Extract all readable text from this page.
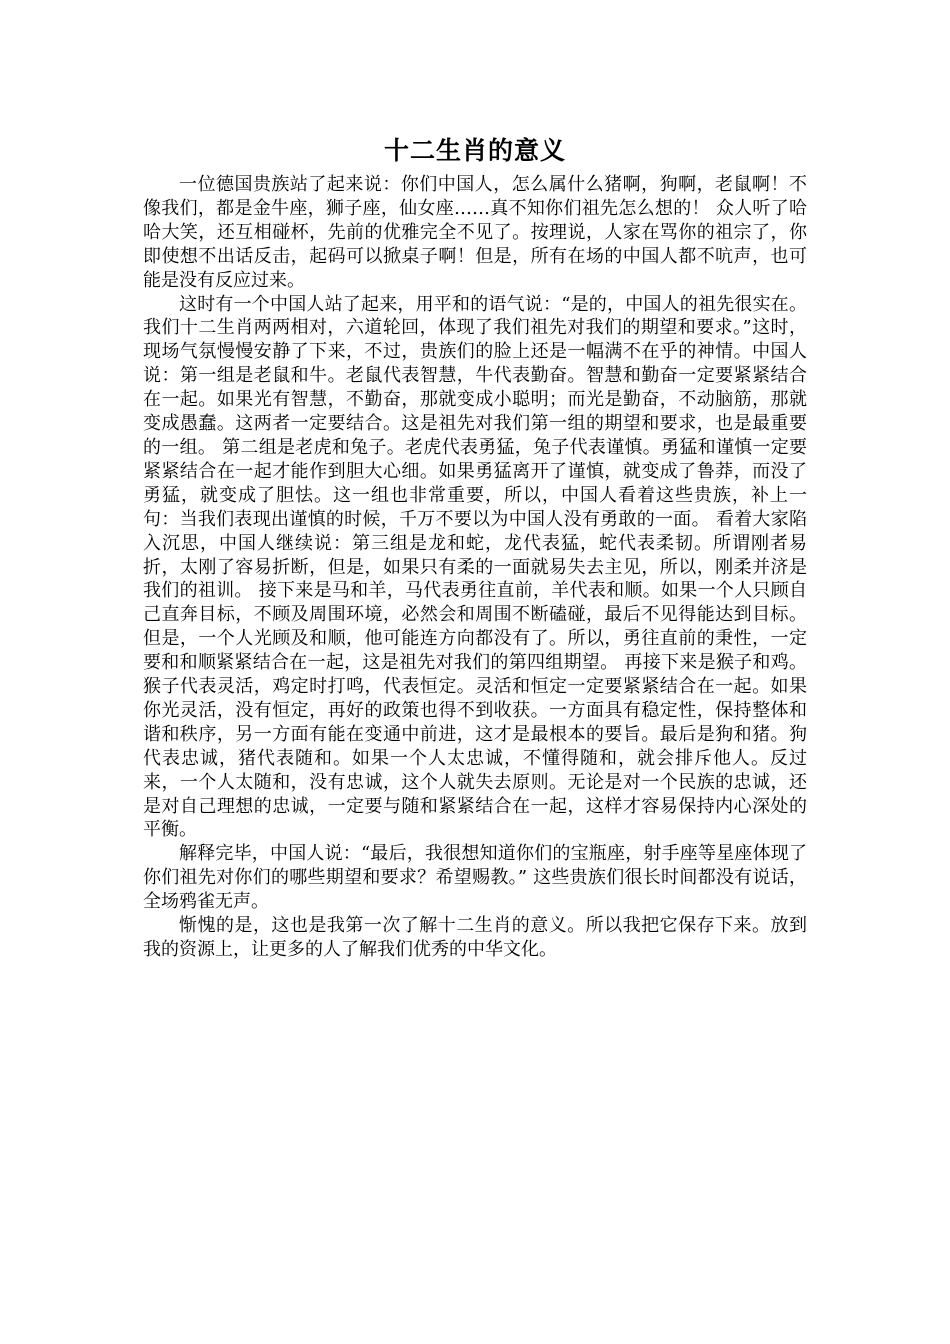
十二生肖的意义

一位德国贵族站了起来说：你们中国人，怎么属什么猪啊，狗啊，老鼠啊！不像我们，都是金牛座，狮子座，仙女座……真不知你们祖先怎么想的！ 众人听了哈哈大笑，还互相碰杯，先前的优雅完全不见了。按理说，人家在骂你的祖宗了，你即使想不出话反击，起码可以掀桌子啊！但是，所有在场的中国人都不吭声，也可能是没有反应过来。

这时有一个中国人站了起来，用平和的语气说：“是的，中国人的祖先很实在。我们十二生肖两两相对，六道轮回，体现了我们祖先对我们的期望和要求。”这时，现场气氛慢慢安静了下来，不过，贵族们的脸上还是一幅满不在乎的神情。中国人说：第一组是老鼠和牛。老鼠代表智慧，牛代表勤奋。智慧和勤奋一定要紧紧结合在一起。如果光有智慧，不勤奋，那就变成小聪明；而光是勤奋，不动脑筋，那就变成愚蠢。这两者一定要结合。这是祖先对我们第一组的期望和要求，也是最重要的一组。 第二组是老虎和兔子。老虎代表勇猛，兔子代表谨慎。勇猛和谨慎一定要紧紧结合在一起才能作到胆大心细。如果勇猛离开了谨慎，就变成了鲁莽，而没了勇猛，就变成了胆怯。这一组也非常重要，所以，中国人看着这些贵族，补上一句：当我们表现出谨慎的时候，千万不要以为中国人没有勇敢的一面。 看着大家陷入沉思，中国人继续说：第三组是龙和蛇，龙代表猛，蛇代表柔韧。所谓刚者易折，太刚了容易折断，但是，如果只有柔的一面就易失去主见，所以，刚柔并济是我们的祖训。 接下来是马和羊，马代表勇往直前，羊代表和顺。如果一个人只顾自己直奔目标，不顾及周围环境，必然会和周围不断磕碰，最后不见得能达到目标。但是，一个人光顾及和顺，他可能连方向都没有了。所以，勇往直前的秉性，一定要和和顺紧紧结合在一起，这是祖先对我们的第四组期望。 再接下来是猴子和鸡。猴子代表灵活，鸡定时打鸣，代表恒定。灵活和恒定一定要紧紧结合在一起。如果你光灵活，没有恒定，再好的政策也得不到收获。一方面具有稳定性，保持整体和谐和秩序，另一方面有能在变通中前进，这才是最根本的要旨。最后是狗和猪。狗代表忠诚，猪代表随和。如果一个人太忠诚，不懂得随和，就会排斥他人。反过来，一个人太随和，没有忠诚，这个人就失去原则。无论是对一个民族的忠诚，还是对自己理想的忠诚，一定要与随和紧紧结合在一起，这样才容易保持内心深处的平衡。

解释完毕，中国人说：“最后，我很想知道你们的宝瓶座，射手座等星座体现了你们祖先对你们的哪些期望和要求？希望赐教。” 这些贵族们很长时间都没有说话，全场鸦雀无声。

惭愧的是，这也是我第一次了解十二生肖的意义。所以我把它保存下来。放到我的资源上，让更多的人了解我们优秀的中华文化。
